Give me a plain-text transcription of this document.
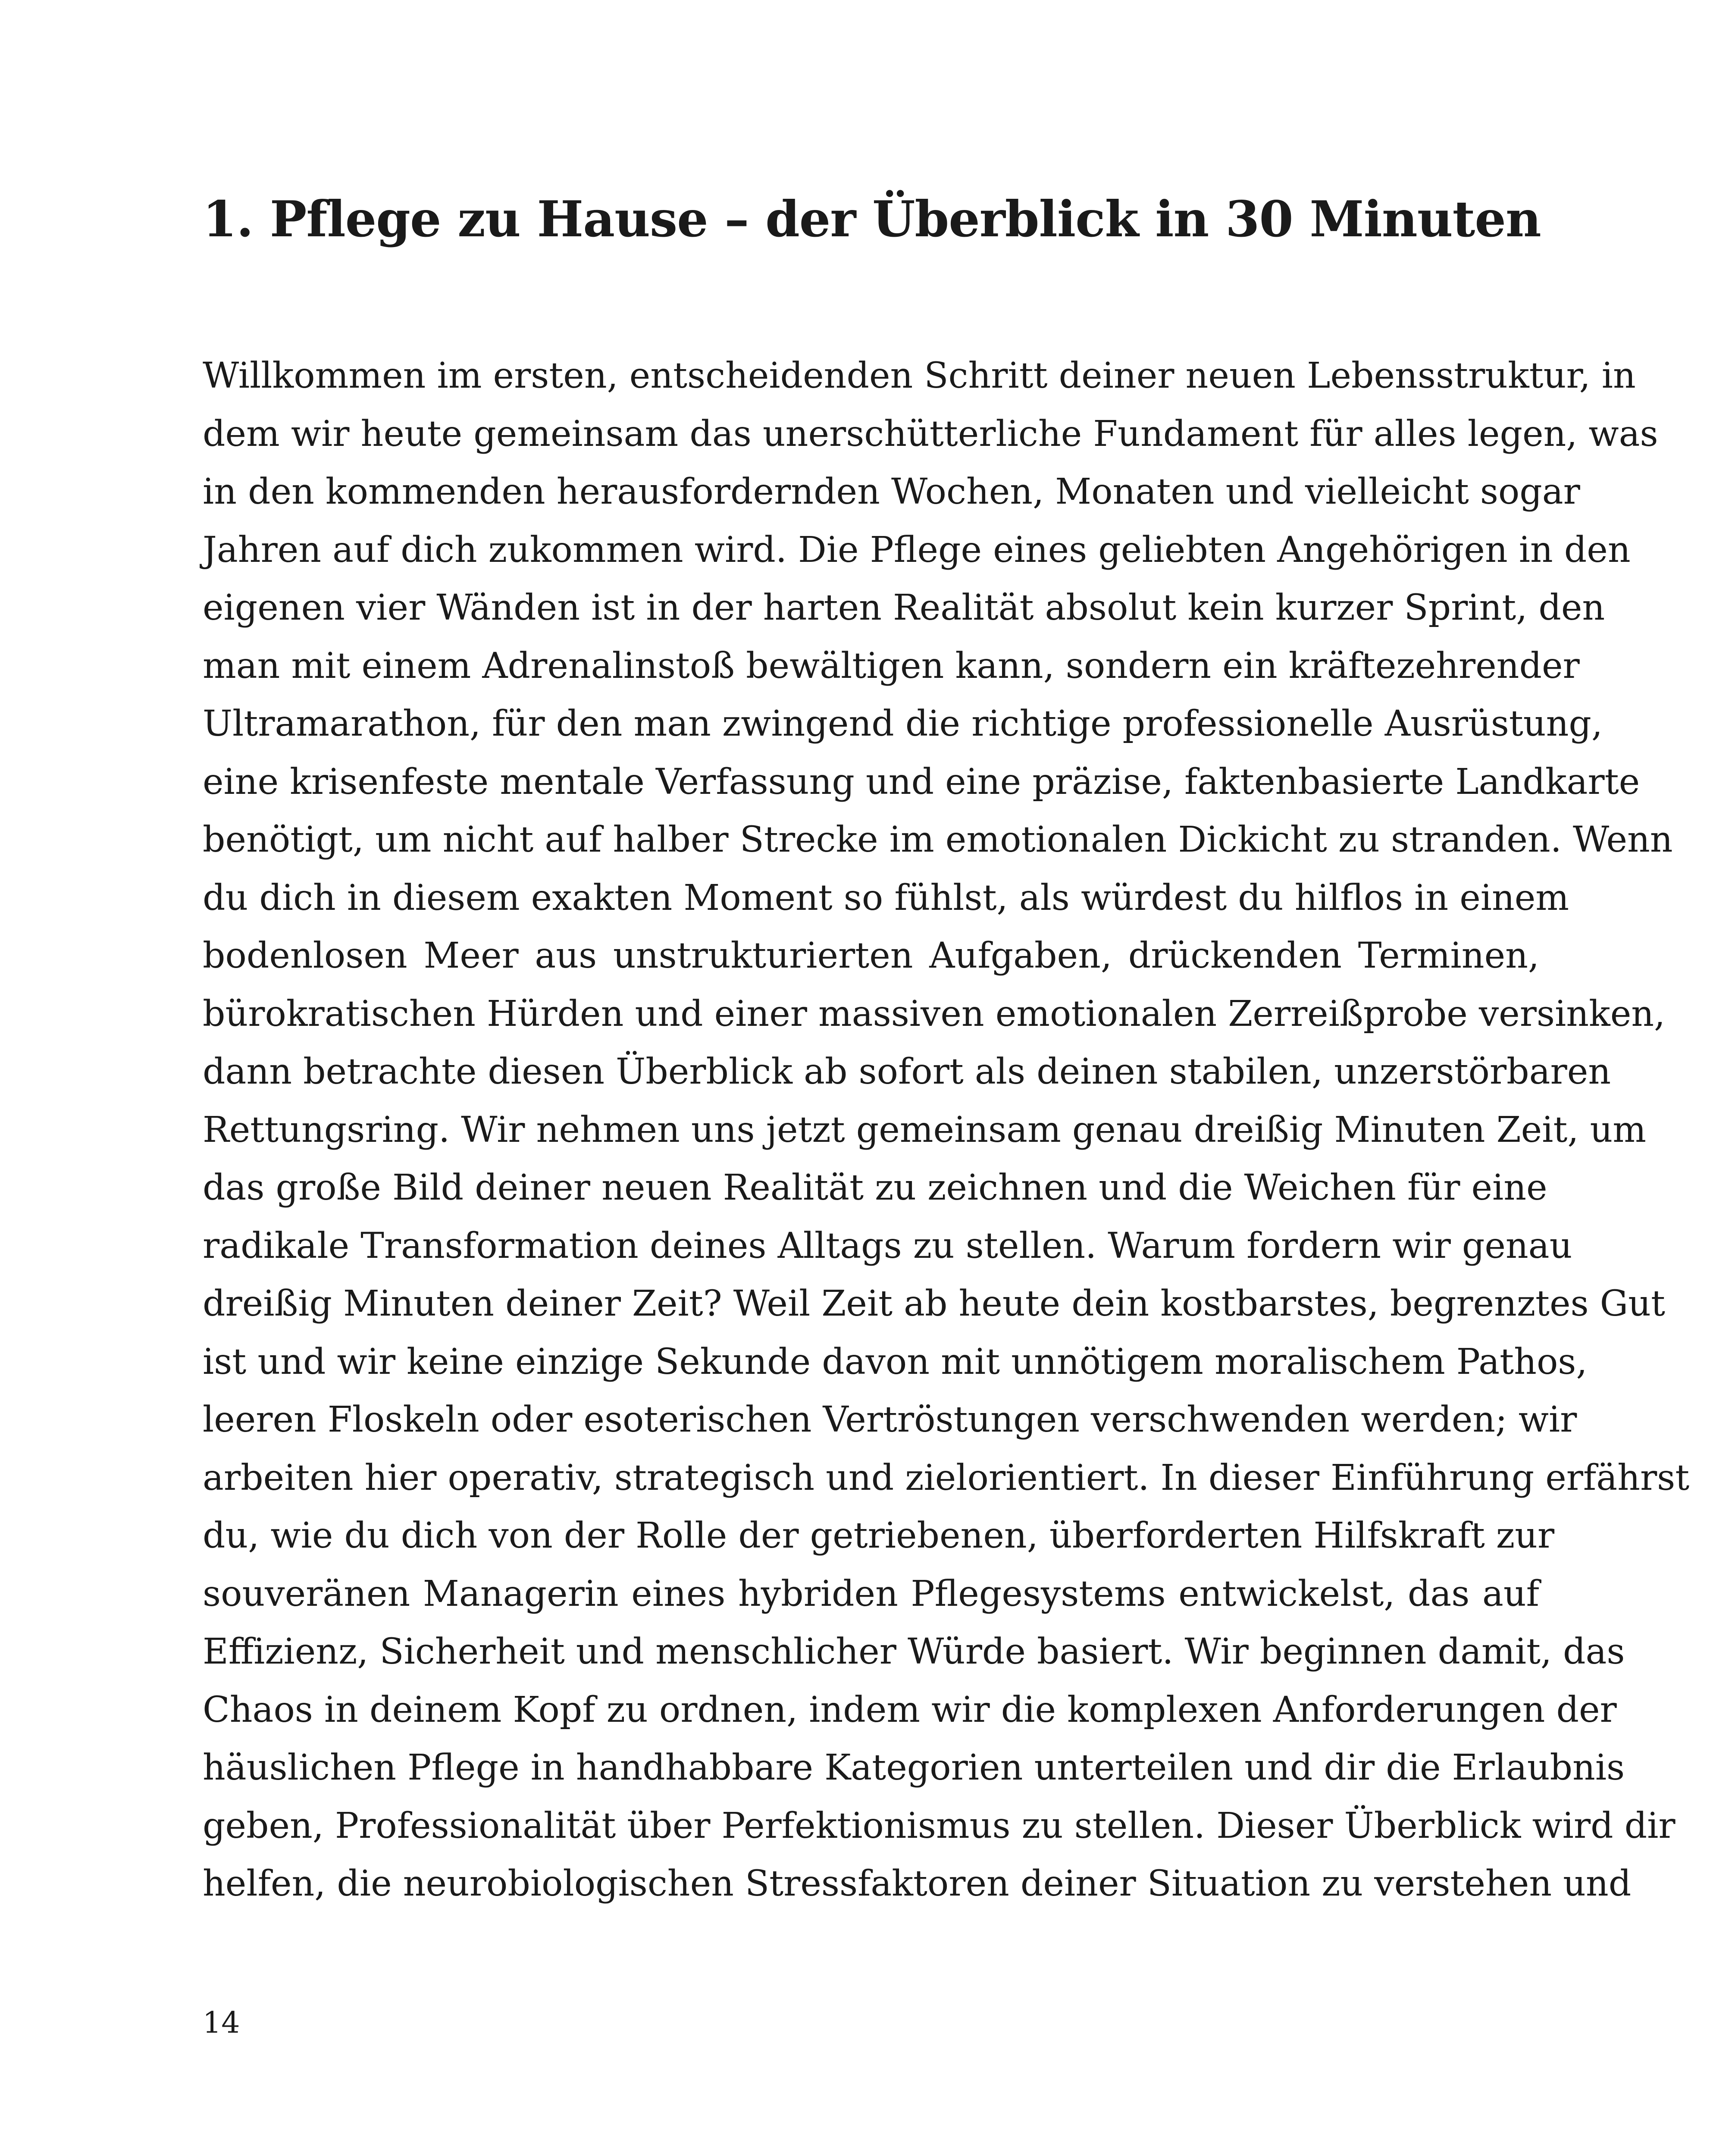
1. Pflege zu Hause – der Überblick in 30 Minuten
Willkommen im ersten, entscheidenden Schritt deiner neuen Lebensstruktur, in
dem wir heute gemeinsam das unerschütterliche Fundament für alles legen, was
in den kommenden herausfordernden Wochen, Monaten und vielleicht sogar
Jahren auf dich zukommen wird. Die Pflege eines geliebten Angehörigen in den
eigenen vier Wänden ist in der harten Realität absolut kein kurzer Sprint, den
man mit einem Adrenalinstoß bewältigen kann, sondern ein kräftezehrender
Ultramarathon, für den man zwingend die richtige professionelle Ausrüstung,
eine krisenfeste mentale Verfassung und eine präzise, faktenbasierte Landkarte
benötigt, um nicht auf halber Strecke im emotionalen Dickicht zu stranden. Wenn
du dich in diesem exakten Moment so fühlst, als würdest du hilflos in einem
bodenlosen Meer aus unstrukturierten Aufgaben, drückenden Terminen,
bürokratischen Hürden und einer massiven emotionalen Zerreißprobe versinken,
dann betrachte diesen Überblick ab sofort als deinen stabilen, unzerstörbaren
Rettungsring. Wir nehmen uns jetzt gemeinsam genau dreißig Minuten Zeit, um
das große Bild deiner neuen Realität zu zeichnen und die Weichen für eine
radikale Transformation deines Alltags zu stellen. Warum fordern wir genau
dreißig Minuten deiner Zeit? Weil Zeit ab heute dein kostbarstes, begrenztes Gut
ist und wir keine einzige Sekunde davon mit unnötigem moralischem Pathos,
leeren Floskeln oder esoterischen Vertröstungen verschwenden werden; wir
arbeiten hier operativ, strategisch und zielorientiert. In dieser Einführung erfährst
du, wie du dich von der Rolle der getriebenen, überforderten Hilfskraft zur
souveränen Managerin eines hybriden Pflegesystems entwickelst, das auf
Effizienz, Sicherheit und menschlicher Würde basiert. Wir beginnen damit, das
Chaos in deinem Kopf zu ordnen, indem wir die komplexen Anforderungen der
häuslichen Pflege in handhabbare Kategorien unterteilen und dir die Erlaubnis
geben, Professionalität über Perfektionismus zu stellen. Dieser Überblick wird dir
helfen, die neurobiologischen Stressfaktoren deiner Situation zu verstehen und

14
